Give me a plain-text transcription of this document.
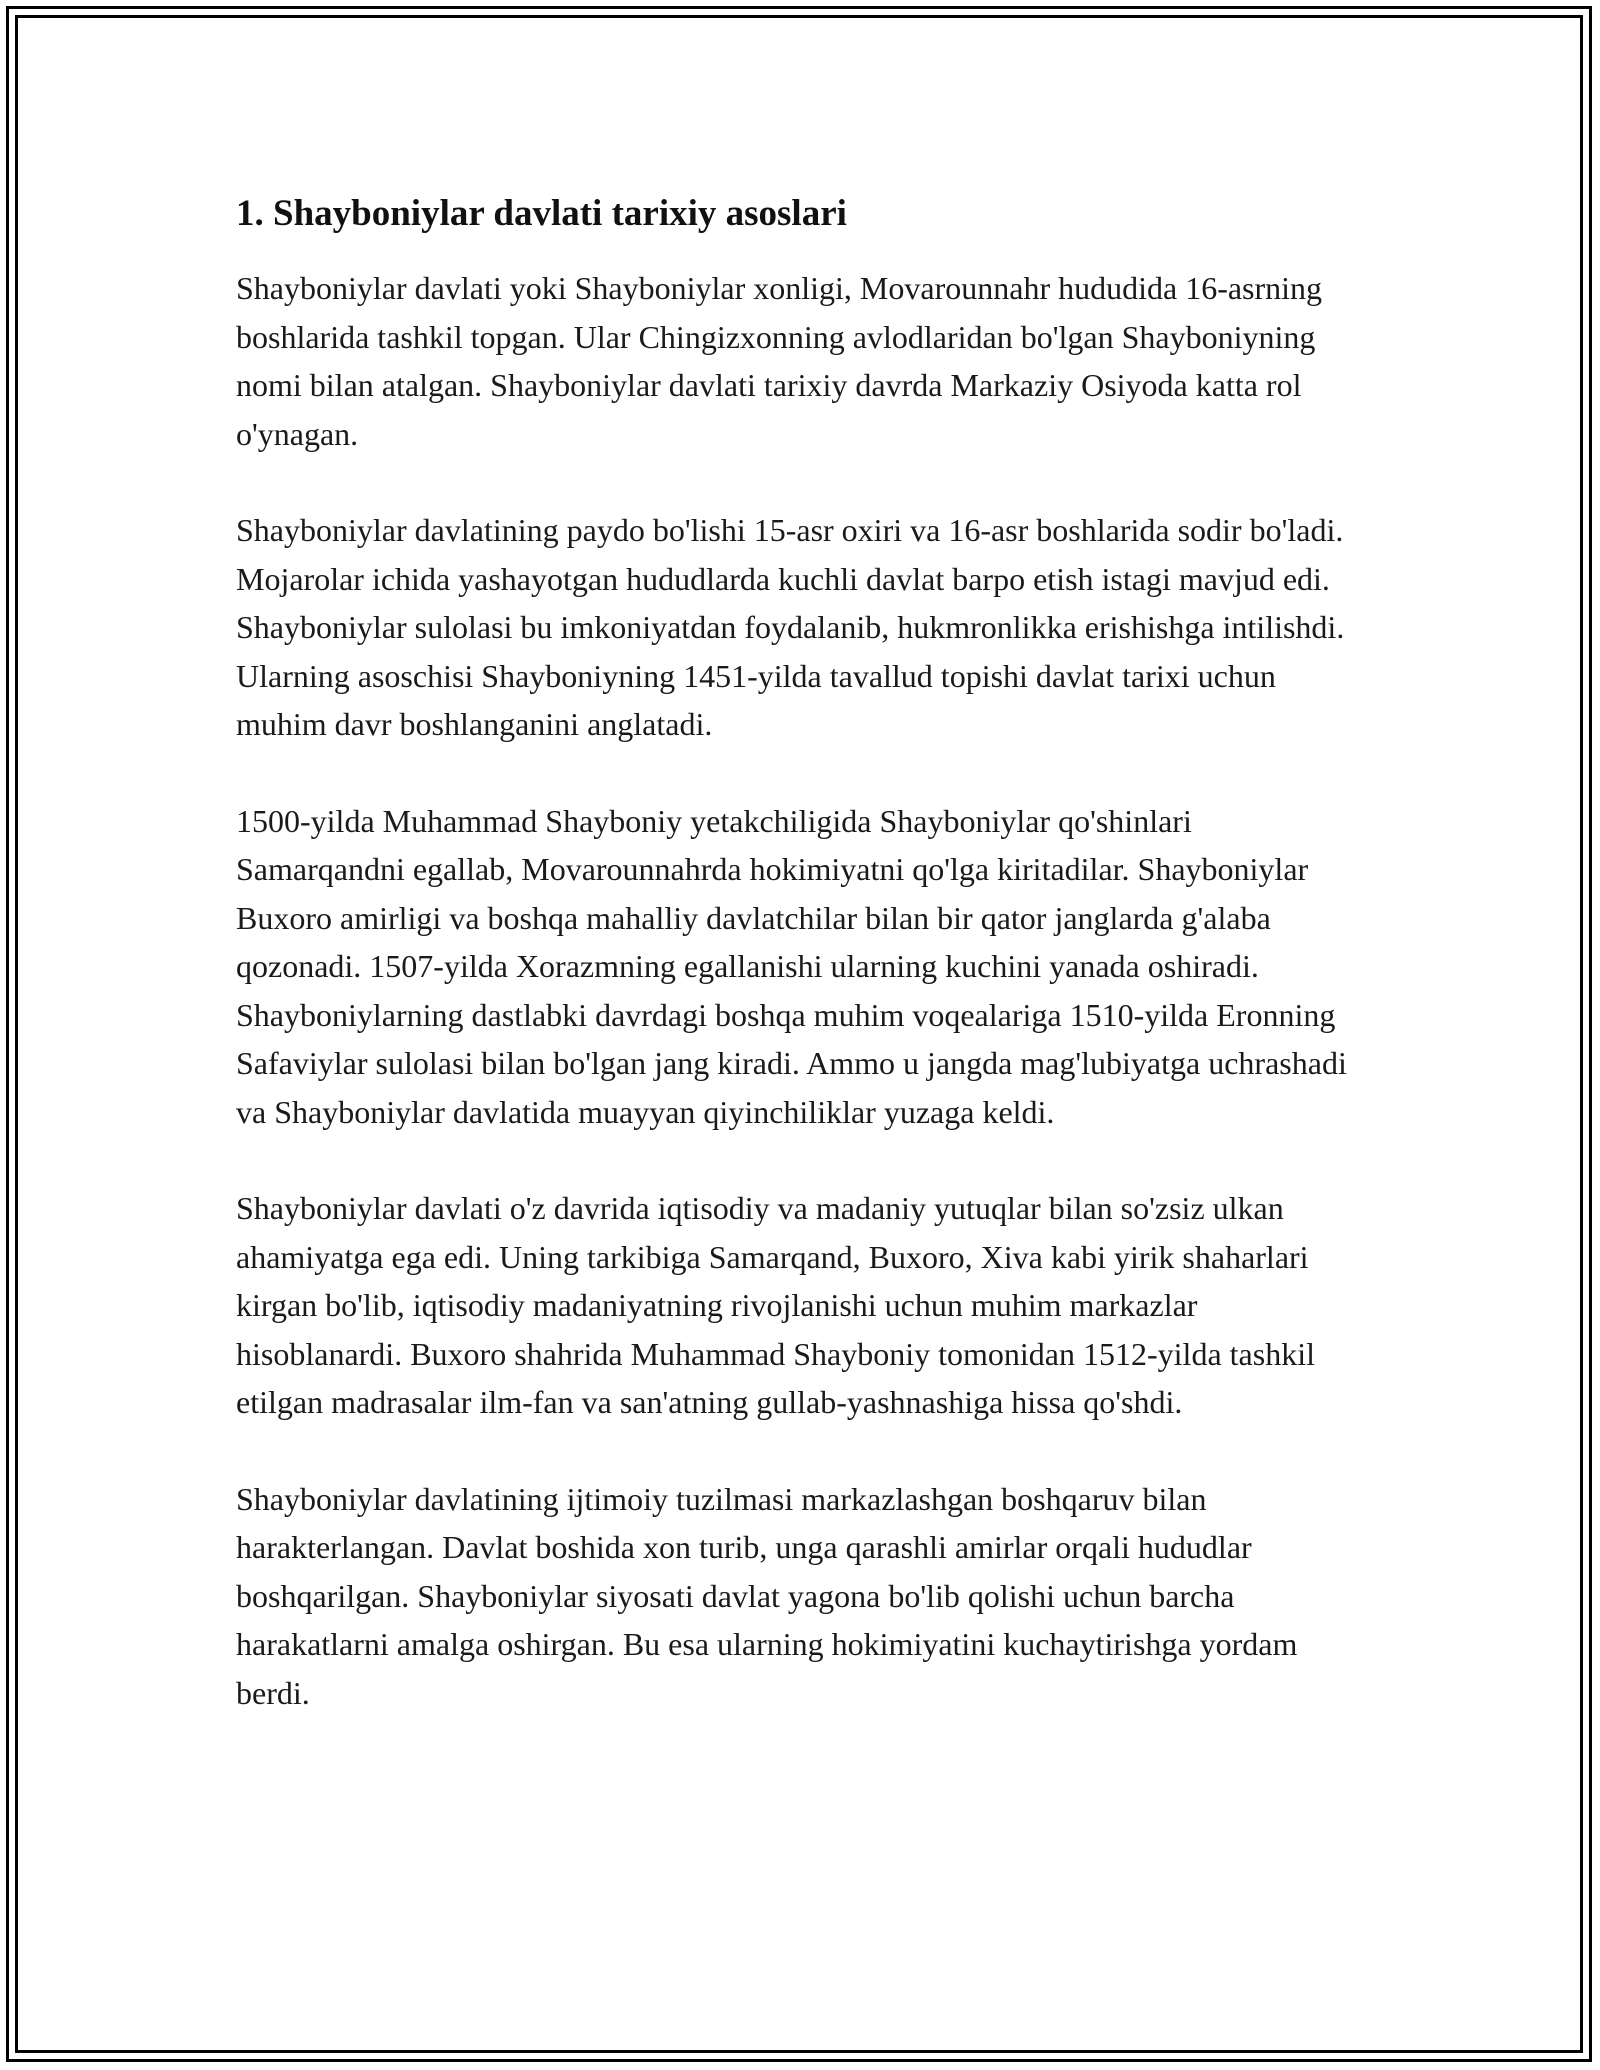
1. Shayboniylar davlati tarixiy asoslari

Shayboniylar davlati yoki Shayboniylar xonligi, Movarounnahr hududida 16-asrning boshlarida tashkil topgan. Ular Chingizxonning avlodlaridan bo'lgan Shayboniyning nomi bilan atalgan. Shayboniylar davlati tarixiy davrda Markaziy Osiyoda katta rol o'ynagan.

Shayboniylar davlatining paydo bo'lishi 15-asr oxiri va 16-asr boshlarida sodir bo'ladi. Mojarolar ichida yashayotgan hududlarda kuchli davlat barpo etish istagi mavjud edi. Shayboniylar sulolasi bu imkoniyatdan foydalanib, hukmronlikka erishishga intilishdi. Ularning asoschisi Shayboniyning 1451-yilda tavallud topishi davlat tarixi uchun muhim davr boshlanganini anglatadi.

1500-yilda Muhammad Shayboniy yetakchiligida Shayboniylar qo'shinlari Samarqandni egallab, Movarounnahrda hokimiyatni qo'lga kiritadilar. Shayboniylar Buxoro amirligi va boshqa mahalliy davlatchilar bilan bir qator janglarda g'alaba qozonadi. 1507-yilda Xorazmning egallanishi ularning kuchini yanada oshiradi. Shayboniylarning dastlabki davrdagi boshqa muhim voqealariga 1510-yilda Eronning Safaviylar sulolasi bilan bo'lgan jang kiradi. Ammo u jangda mag'lubiyatga uchrashadi va Shayboniylar davlatida muayyan qiyinchiliklar yuzaga keldi.

Shayboniylar davlati o'z davrida iqtisodiy va madaniy yutuqlar bilan so'zsiz ulkan ahamiyatga ega edi. Uning tarkibiga Samarqand, Buxoro, Xiva kabi yirik shaharlari kirgan bo'lib, iqtisodiy madaniyatning rivojlanishi uchun muhim markazlar hisoblanardi. Buxoro shahrida Muhammad Shayboniy tomonidan 1512-yilda tashkil etilgan madrasalar ilm-fan va san'atning gullab-yashnashiga hissa qo'shdi.

Shayboniylar davlatining ijtimoiy tuzilmasi markazlashgan boshqaruv bilan harakterlangan. Davlat boshida xon turib, unga qarashli amirlar orqali hududlar boshqarilgan. Shayboniylar siyosati davlat yagona bo'lib qolishi uchun barcha harakatlarni amalga oshirgan. Bu esa ularning hokimiyatini kuchaytirishga yordam berdi.
